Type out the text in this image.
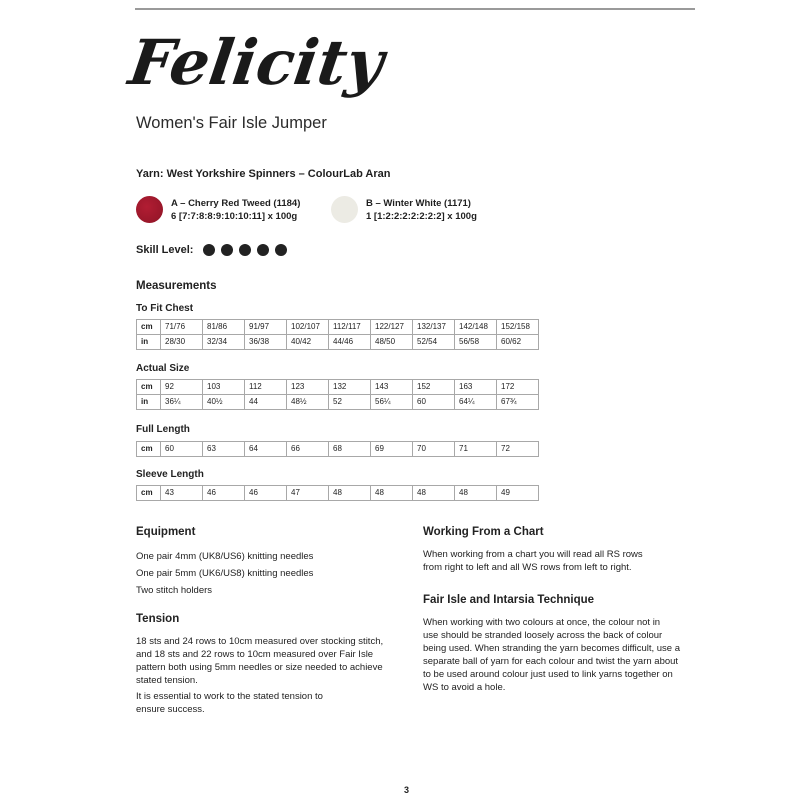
Felicity
Women's Fair Isle Jumper
Yarn: West Yorkshire Spinners – ColourLab Aran
A – Cherry Red Tweed (1184)
6 [7:7:8:8:9:10:10:11] x 100g
B – Winter White (1171)
1 [1:2:2:2:2:2:2:2] x 100g
Skill Level:
Measurements
To Fit Chest
cm	71/76	81/86	91/97	102/107	112/117	122/127	132/137	142/148	152/158
in	28/30	32/34	36/38	40/42	44/46	48/50	52/54	56/58	60/62
Actual Size
cm	92	103	112	123	132	143	152	163	172
in	36¼	40½	44	48½	52	56¼	60	64¼	67¾
Full Length
cm	60	63	64	66	68	69	70	71	72
Sleeve Length
cm	43	46	46	47	48	48	48	48	49
Equipment
One pair 4mm (UK8/US6) knitting needles
One pair 5mm (UK6/US8) knitting needles
Two stitch holders
Tension
18 sts and 24 rows to 10cm measured over stocking stitch,
and 18 sts and 22 rows to 10cm measured over Fair Isle
pattern both using 5mm needles or size needed to achieve
stated tension.
It is essential to work to the stated tension to
ensure success.
Working From a Chart
When working from a chart you will read all RS rows
from right to left and all WS rows from left to right.
Fair Isle and Intarsia Technique
When working with two colours at once, the colour not in
use should be stranded loosely across the back of colour
being used. When stranding the yarn becomes difficult, use a
separate ball of yarn for each colour and twist the yarn about
to be used around colour just used to link yarns together on
WS to avoid a hole.
3
